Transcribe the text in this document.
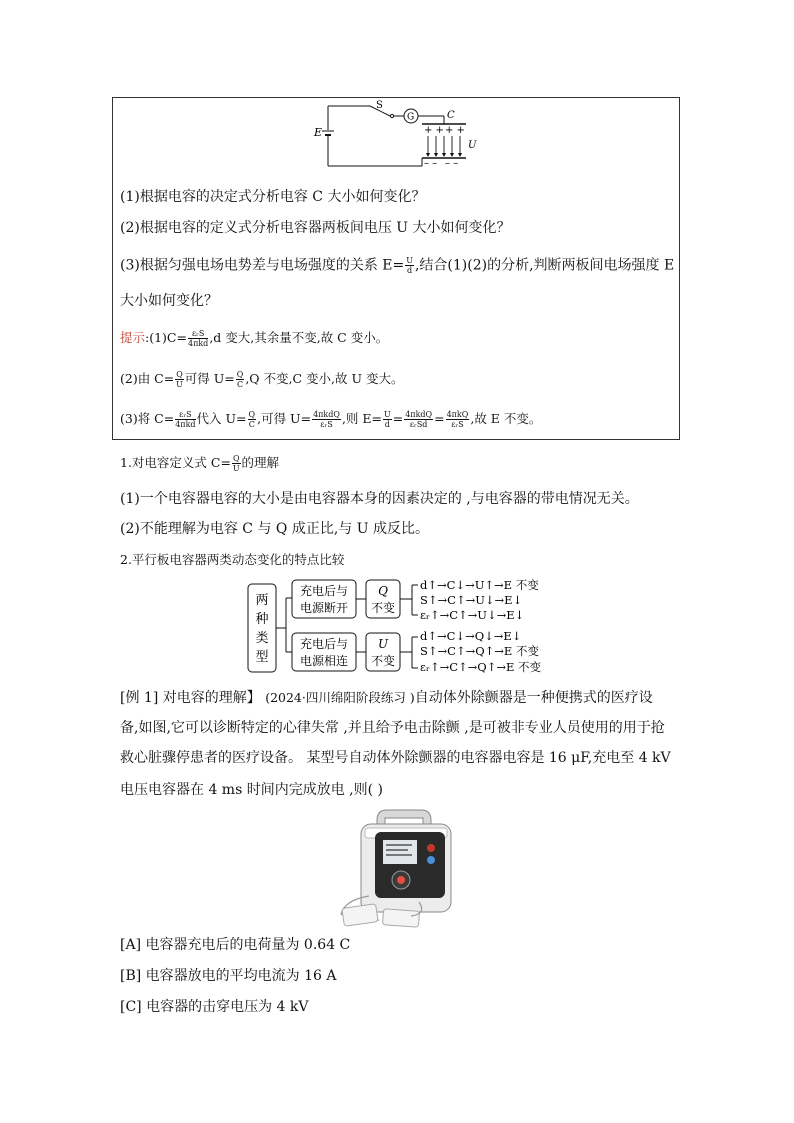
E
S
G	C
+ + + +
U
– – – –
(1)根据电容的决定式分析电容 C 大小如何变化？
(2)根据电容的定义式分析电容器两板间电压 U 大小如何变化？
(3)根据匀强电场电势差与电场强度的关系 $E= \frac{U}{d}$ ,结合(1)(2)的分析,判断两板间电场强度 E
大小如何变化？
提示:(1)C= $\frac{\text{εᵣS}}{\text{4πkd}} ,d$ 变大,其余量不变,故 C 变小。
(2)由 $C= \frac{Q}{U}$ 可得 $U= \frac{Q}{C} ,Q$ 不变,C 变小,故 U 变大。
(3)将 $C= \frac{\text{εᵣS}}{\text{4πkd}}$ 代入 $U= \frac{Q}{C}$ ,可得 $U= \frac{\text{4πkdQ}}{\text{εᵣS}}$ ,则 $E= \frac{U}{d} = \frac{\text{4πkdQ}}{\text{εᵣSd}} = \frac{\text{4πkQ}}{\text{εᵣS}}$ ,故 E 不变。
1.对电容定义式 $C= \frac{Q}{U}$ 的理解
(1)一个电容器电容的大小是由电容器本身的因素决定的 ,与电容器的带电情况无关。
(2)不能理解为电容 C 与 Q 成正比,与 U 成反比。
2.平行板电容器两类动态变化的特点比较
两种类型
充电后与
电源断开
充电后与
电源相连
Q
不变
U
不变
d↑→C↓→U↑→E 不变
S↑→C↑→U↓→E↓
εᵣ↑→C↑→U↓→E↓
d↑→C↓→Q↓→E↓
S↑→C↑→Q↑→E 不变
εᵣ↑→C↑→Q↑→E 不变
[例 1] 对电容的理解】 (2024·四川绵阳阶段练习 )自动体外除颤器是一种便携式的医疗设
备,如图,它可以诊断特定的心律失常 ,并且给予电击除颤 ,是可被非专业人员使用的用于抢
救心脏骤停患者的医疗设备。 某型号自动体外除颤器的电容器电容是 16 μF,充电至 4 kV
电压电容器在 4 ms 时间内完成放电 ,则( )
[A] 电容器充电后的电荷量为 0.64 C
[B] 电容器放电的平均电流为 16 A
[C] 电容器的击穿电压为 4 kV
